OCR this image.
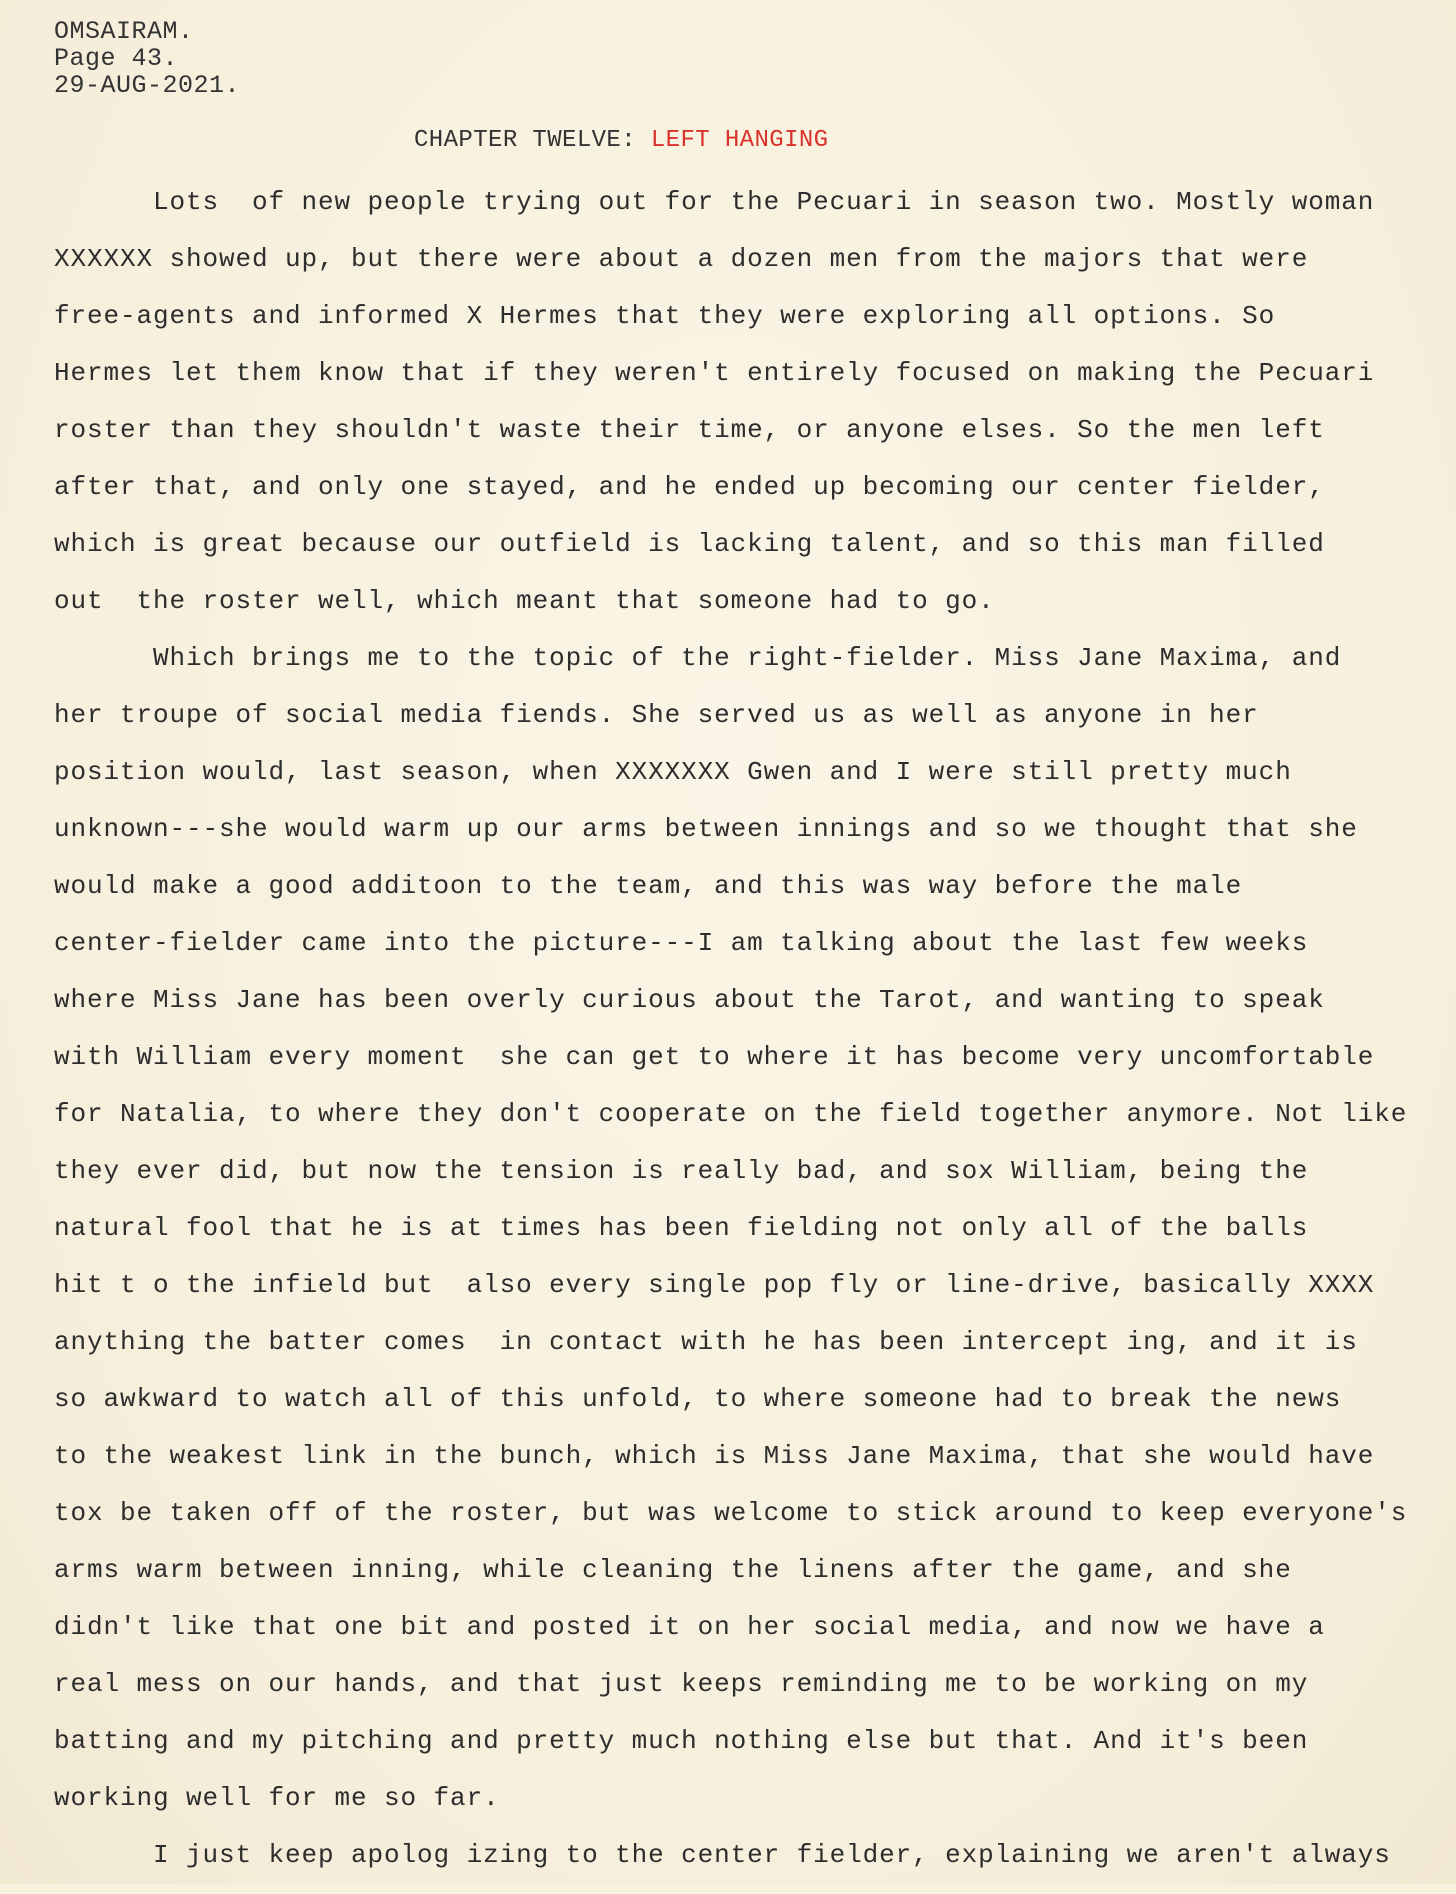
OMSAIRAM.
Page 43.
29-AUG-2021.
CHAPTER TWELVE: LEFT HANGING
Lots  of new people trying out for the Pecuari in season two. Mostly woman
XXXXXX showed up, but there were about a dozen men from the majors that were
free-agents and informed X Hermes that they were exploring all options. So
Hermes let them know that if they weren't entirely focused on making the Pecuari
roster than they shouldn't waste their time, or anyone elses. So the men left
after that, and only one stayed, and he ended up becoming our center fielder,
which is great because our outfield is lacking talent, and so this man filled
out  the roster well, which meant that someone had to go.
Which brings me to the topic of the right-fielder. Miss Jane Maxima, and
her troupe of social media fiends. She served us as well as anyone in her
position would, last season, when XXXXXXX Gwen and I were still pretty much
unknown---she would warm up our arms between innings and so we thought that she
would make a good additoon to the team, and this was way before the male
center-fielder came into the picture---I am talking about the last few weeks
where Miss Jane has been overly curious about the Tarot, and wanting to speak
with William every moment  she can get to where it has become very uncomfortable
for Natalia, to where they don't cooperate on the field together anymore. Not like
they ever did, but now the tension is really bad, and sox William, being the
natural fool that he is at times has been fielding not only all of the balls
hit t o the infield but  also every single pop fly or line-drive, basically XXXX
anything the batter comes  in contact with he has been intercept ing, and it is
so awkward to watch all of this unfold, to where someone had to break the news
to the weakest link in the bunch, which is Miss Jane Maxima, that she would have
tox be taken off of the roster, but was welcome to stick around to keep everyone's
arms warm between inning, while cleaning the linens after the game, and she
didn't like that one bit and posted it on her social media, and now we have a
real mess on our hands, and that just keeps reminding me to be working on my
batting and my pitching and pretty much nothing else but that. And it's been
working well for me so far.
I just keep apolog izing to the center fielder, explaining we aren't always
